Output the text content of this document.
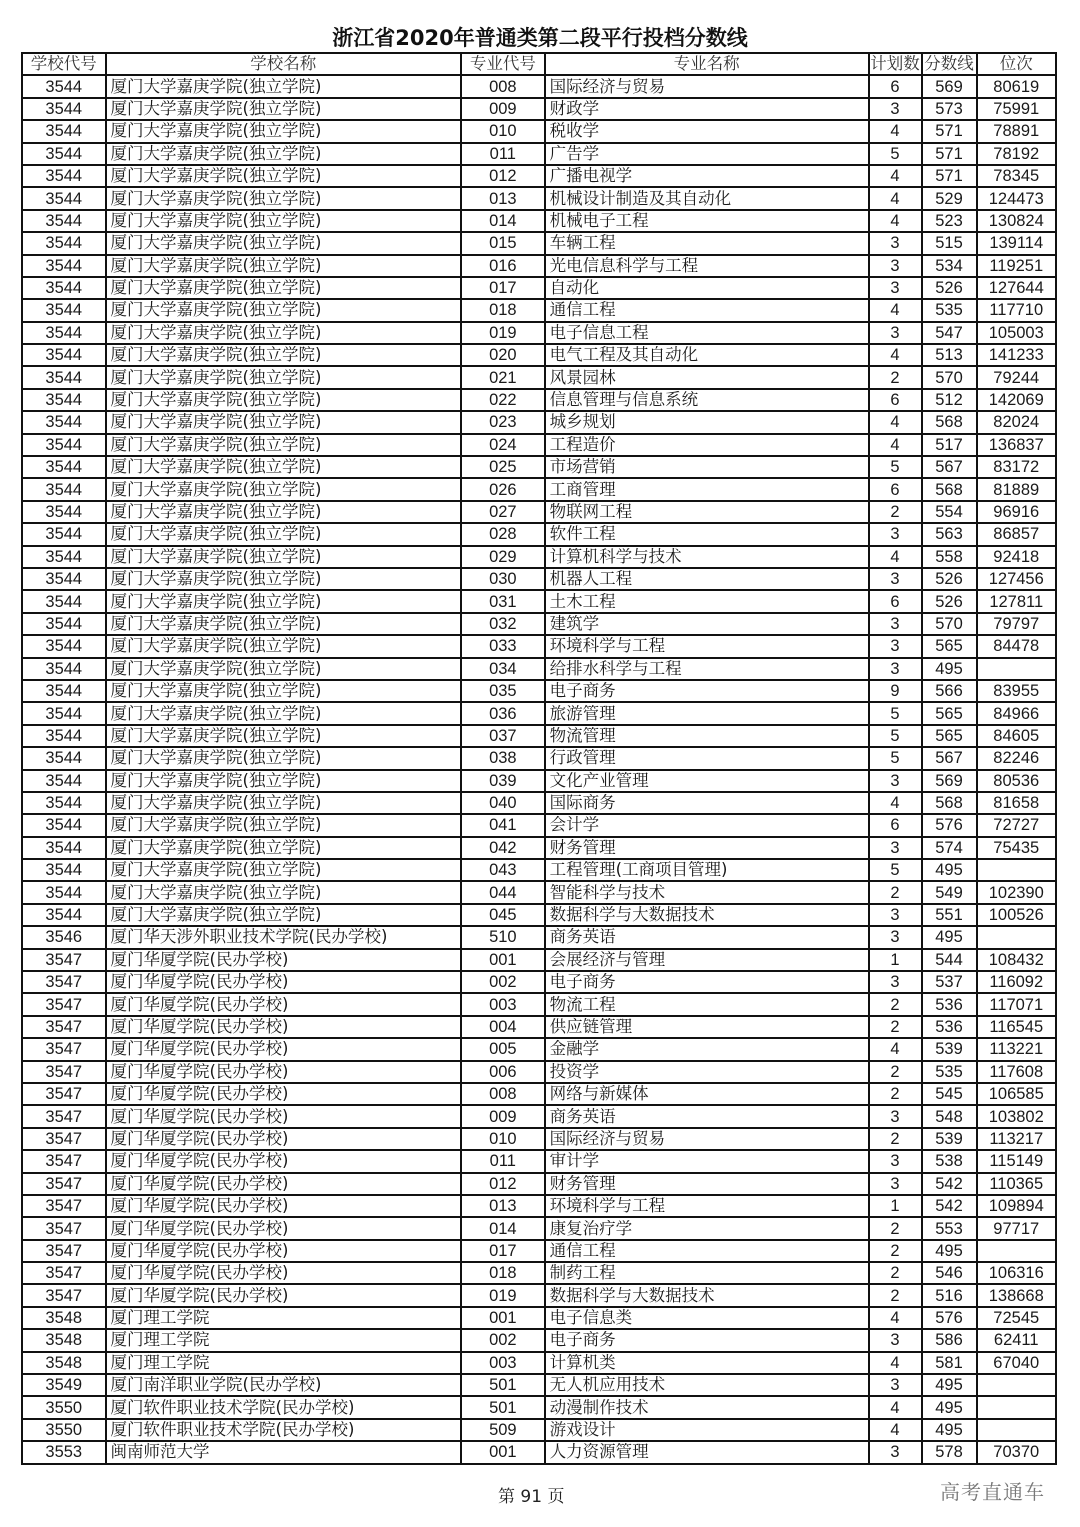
浙江省2020年普通类第二段平行投档分数线
学校代号	学校名称	专业代号	专业名称	计划数	分数线	位次
3544	厦门大学嘉庚学院(独立学院)	008	国际经济与贸易	6	569	80619
3544	厦门大学嘉庚学院(独立学院)	009	财政学	3	573	75991
3544	厦门大学嘉庚学院(独立学院)	010	税收学	4	571	78891
3544	厦门大学嘉庚学院(独立学院)	011	广告学	5	571	78192
3544	厦门大学嘉庚学院(独立学院)	012	广播电视学	4	571	78345
3544	厦门大学嘉庚学院(独立学院)	013	机械设计制造及其自动化	4	529	124473
3544	厦门大学嘉庚学院(独立学院)	014	机械电子工程	4	523	130824
3544	厦门大学嘉庚学院(独立学院)	015	车辆工程	3	515	139114
3544	厦门大学嘉庚学院(独立学院)	016	光电信息科学与工程	3	534	119251
3544	厦门大学嘉庚学院(独立学院)	017	自动化	3	526	127644
3544	厦门大学嘉庚学院(独立学院)	018	通信工程	4	535	117710
3544	厦门大学嘉庚学院(独立学院)	019	电子信息工程	3	547	105003
3544	厦门大学嘉庚学院(独立学院)	020	电气工程及其自动化	4	513	141233
3544	厦门大学嘉庚学院(独立学院)	021	风景园林	2	570	79244
3544	厦门大学嘉庚学院(独立学院)	022	信息管理与信息系统	6	512	142069
3544	厦门大学嘉庚学院(独立学院)	023	城乡规划	4	568	82024
3544	厦门大学嘉庚学院(独立学院)	024	工程造价	4	517	136837
3544	厦门大学嘉庚学院(独立学院)	025	市场营销	5	567	83172
3544	厦门大学嘉庚学院(独立学院)	026	工商管理	6	568	81889
3544	厦门大学嘉庚学院(独立学院)	027	物联网工程	2	554	96916
3544	厦门大学嘉庚学院(独立学院)	028	软件工程	3	563	86857
3544	厦门大学嘉庚学院(独立学院)	029	计算机科学与技术	4	558	92418
3544	厦门大学嘉庚学院(独立学院)	030	机器人工程	3	526	127456
3544	厦门大学嘉庚学院(独立学院)	031	土木工程	6	526	127811
3544	厦门大学嘉庚学院(独立学院)	032	建筑学	3	570	79797
3544	厦门大学嘉庚学院(独立学院)	033	环境科学与工程	3	565	84478
3544	厦门大学嘉庚学院(独立学院)	034	给排水科学与工程	3	495	
3544	厦门大学嘉庚学院(独立学院)	035	电子商务	9	566	83955
3544	厦门大学嘉庚学院(独立学院)	036	旅游管理	5	565	84966
3544	厦门大学嘉庚学院(独立学院)	037	物流管理	5	565	84605
3544	厦门大学嘉庚学院(独立学院)	038	行政管理	5	567	82246
3544	厦门大学嘉庚学院(独立学院)	039	文化产业管理	3	569	80536
3544	厦门大学嘉庚学院(独立学院)	040	国际商务	4	568	81658
3544	厦门大学嘉庚学院(独立学院)	041	会计学	6	576	72727
3544	厦门大学嘉庚学院(独立学院)	042	财务管理	3	574	75435
3544	厦门大学嘉庚学院(独立学院)	043	工程管理(工商项目管理)	5	495	
3544	厦门大学嘉庚学院(独立学院)	044	智能科学与技术	2	549	102390
3544	厦门大学嘉庚学院(独立学院)	045	数据科学与大数据技术	3	551	100526
3546	厦门华天涉外职业技术学院(民办学校)	510	商务英语	3	495	
3547	厦门华厦学院(民办学校)	001	会展经济与管理	1	544	108432
3547	厦门华厦学院(民办学校)	002	电子商务	3	537	116092
3547	厦门华厦学院(民办学校)	003	物流工程	2	536	117071
3547	厦门华厦学院(民办学校)	004	供应链管理	2	536	116545
3547	厦门华厦学院(民办学校)	005	金融学	4	539	113221
3547	厦门华厦学院(民办学校)	006	投资学	2	535	117608
3547	厦门华厦学院(民办学校)	008	网络与新媒体	2	545	106585
3547	厦门华厦学院(民办学校)	009	商务英语	3	548	103802
3547	厦门华厦学院(民办学校)	010	国际经济与贸易	2	539	113217
3547	厦门华厦学院(民办学校)	011	审计学	3	538	115149
3547	厦门华厦学院(民办学校)	012	财务管理	3	542	110365
3547	厦门华厦学院(民办学校)	013	环境科学与工程	1	542	109894
3547	厦门华厦学院(民办学校)	014	康复治疗学	2	553	97717
3547	厦门华厦学院(民办学校)	017	通信工程	2	495	
3547	厦门华厦学院(民办学校)	018	制药工程	2	546	106316
3547	厦门华厦学院(民办学校)	019	数据科学与大数据技术	2	516	138668
3548	厦门理工学院	001	电子信息类	4	576	72545
3548	厦门理工学院	002	电子商务	3	586	62411
3548	厦门理工学院	003	计算机类	4	581	67040
3549	厦门南洋职业学院(民办学校)	501	无人机应用技术	3	495	
3550	厦门软件职业技术学院(民办学校)	501	动漫制作技术	4	495	
3550	厦门软件职业技术学院(民办学校)	509	游戏设计	4	495	
3553	闽南师范大学	001	人力资源管理	3	578	70370
第 91 页	高考直通车
